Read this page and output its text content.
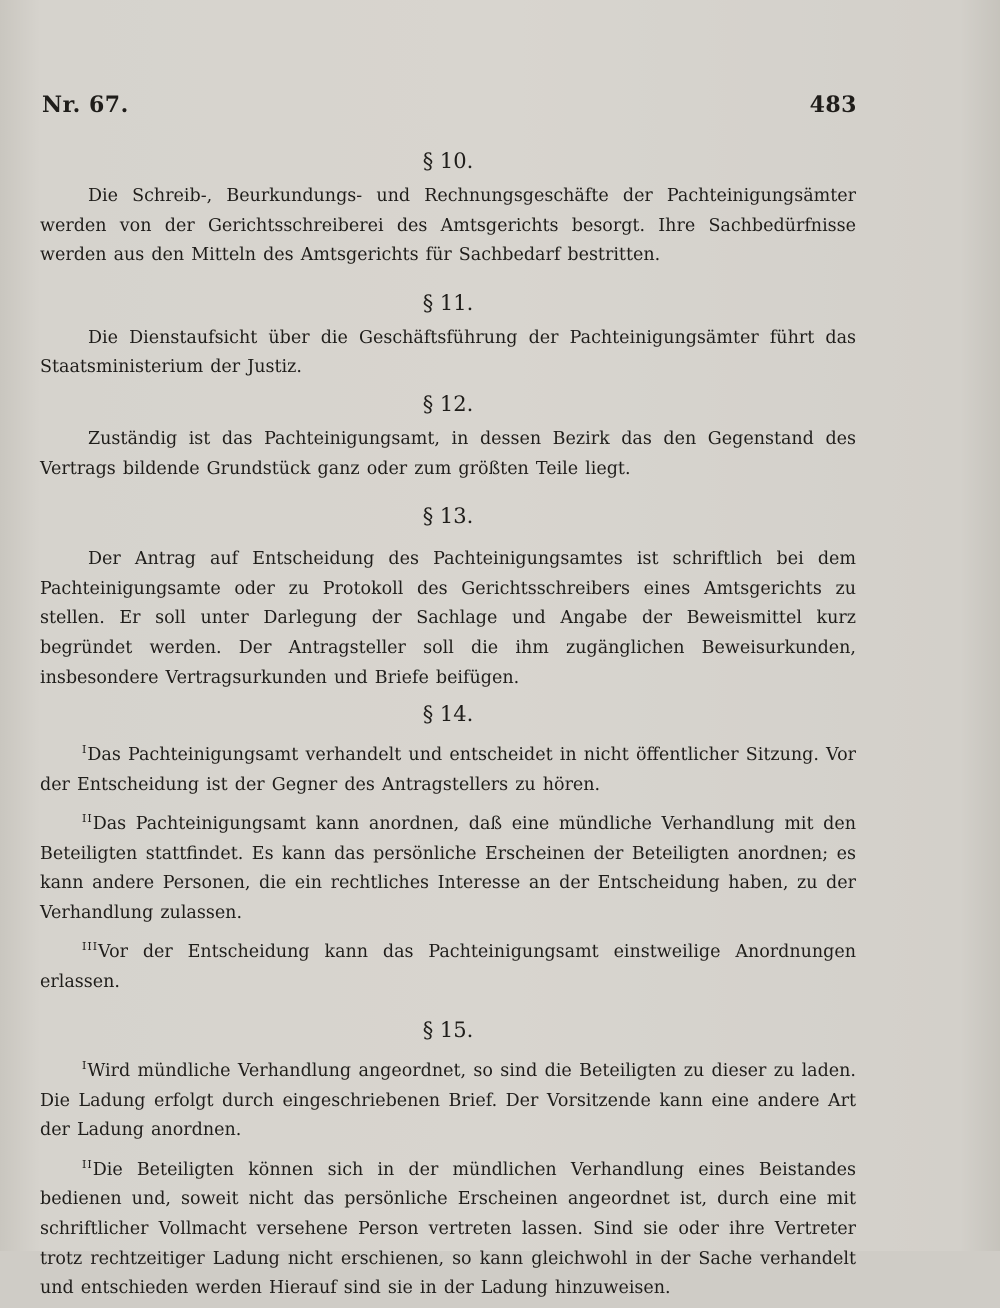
Nr. 67.	483
§ 10.

Die Schreib-, Beurkundungs- und Rechnungsgeschäfte der Pachteinigungsämter werden von der Gerichtsschreiberei des Amtsgerichts besorgt. Ihre Sachbedürfnisse werden aus den Mitteln des Amtsgerichts für Sachbedarf bestritten.

§ 11.

Die Dienstaufsicht über die Geschäftsführung der Pachteinigungsämter führt das Staatsministerium der Justiz.

§ 12.

Zuständig ist das Pachteinigungsamt, in dessen Bezirk das den Gegenstand des Vertrags bildende Grundstück ganz oder zum größten Teile liegt.

§ 13.

Der Antrag auf Entscheidung des Pachteinigungsamtes ist schriftlich bei dem Pachteinigungsamte oder zu Protokoll des Gerichtsschreibers eines Amtsgerichts zu stellen. Er soll unter Darlegung der Sachlage und Angabe der Beweismittel kurz begründet werden. Der Antragsteller soll die ihm zugänglichen Beweisurkunden, insbesondere Vertragsurkunden und Briefe beifügen.

§ 14.

$^I$Das Pachteinigungsamt verhandelt und entscheidet in nicht öffentlicher Sitzung. Vor der Entscheidung ist der Gegner des Antragstellers zu hören.

$^{II}$Das Pachteinigungsamt kann anordnen, daß eine mündliche Verhandlung mit den Beteiligten stattfindet. Es kann das persönliche Erscheinen der Beteiligten anordnen; es kann andere Personen, die ein rechtliches Interesse an der Entscheidung haben, zu der Verhandlung zulassen.

$^{III}$Vor der Entscheidung kann das Pachteinigungsamt einstweilige Anordnungen erlassen.

§ 15.

$^I$Wird mündliche Verhandlung angeordnet, so sind die Beteiligten zu dieser zu laden. Die Ladung erfolgt durch eingeschriebenen Brief. Der Vorsitzende kann eine andere Art der Ladung anordnen.

$^{II}$Die Beteiligten können sich in der mündlichen Verhandlung eines Beistandes bedienen und, soweit nicht das persönliche Erscheinen angeordnet ist, durch eine mit schriftlicher Vollmacht versehene Person vertreten lassen. Sind sie oder ihre Vertreter trotz rechtzeitiger Ladung nicht erschienen, so kann gleichwohl in der Sache verhandelt und entschieden werden Hierauf sind sie in der Ladung hinzuweisen.
